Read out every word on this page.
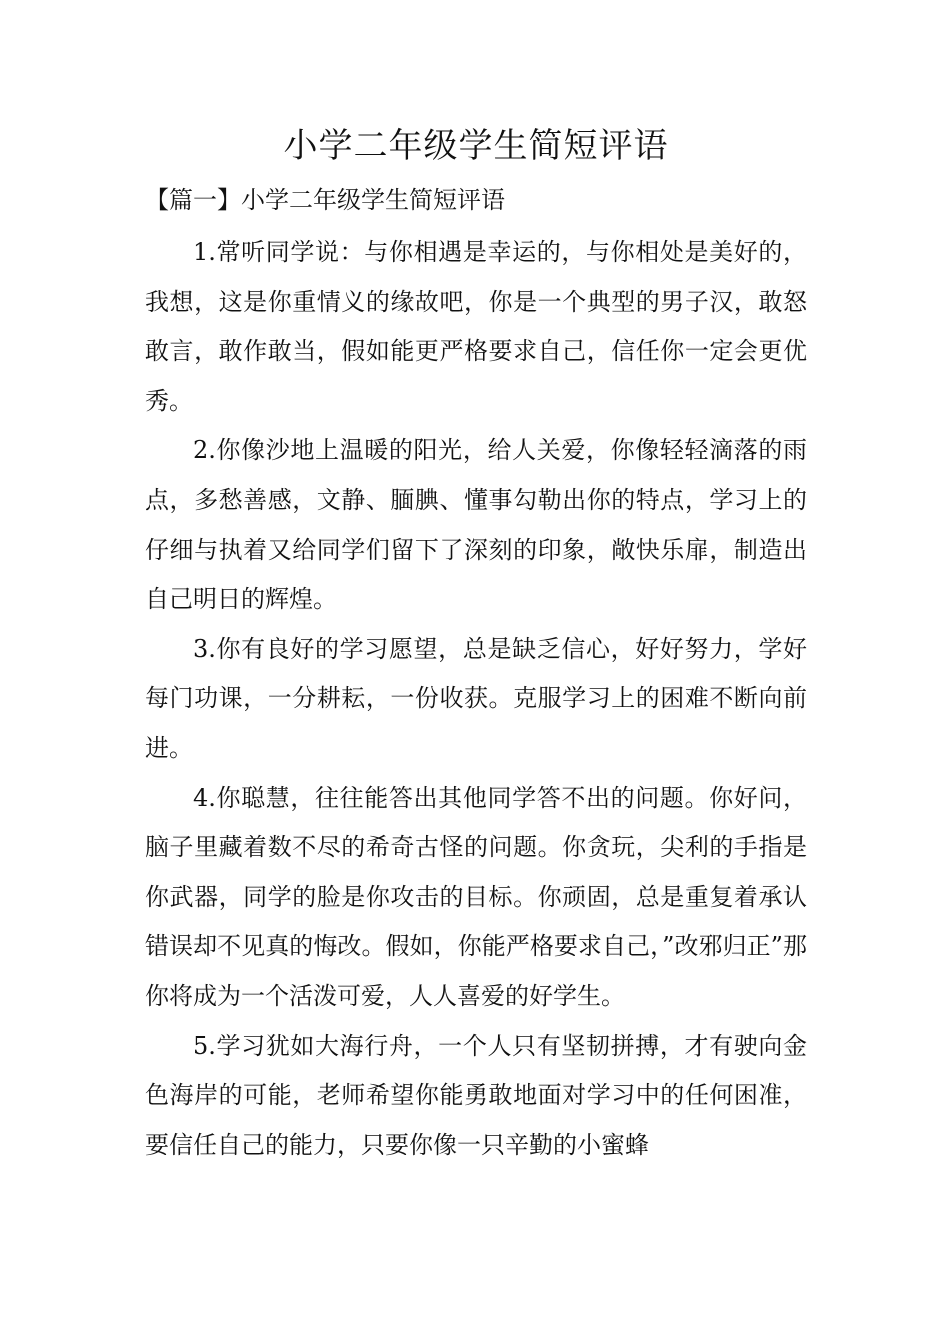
小学二年级学生简短评语
【篇一】小学二年级学生简短评语

1.常听同学说：与你相遇是幸运的，与你相处是美好的，我想，这是你重情义的缘故吧，你是一个典型的男子汉，敢怒敢言，敢作敢当，假如能更严格要求自己，信任你一定会更优秀。

2.你像沙地上温暖的阳光，给人关爱，你像轻轻滴落的雨点，多愁善感，文静、腼腆、懂事勾勒出你的特点，学习上的仔细与执着又给同学们留下了深刻的印象，敞快乐扉，制造出自己明日的辉煌。

3.你有良好的学习愿望，总是缺乏信心，好好努力，学好每门功课，一分耕耘，一份收获。克服学习上的困难不断向前进。

4.你聪慧，往往能答出其他同学答不出的问题。你好问，脑子里藏着数不尽的希奇古怪的问题。你贪玩，尖利的手指是你武器，同学的脸是你攻击的目标。你顽固，总是重复着承认错误却不见真的悔改。假如，你能严格要求自己，”改邪归正”那你将成为一个活泼可爱，人人喜爱的好学生。

5.学习犹如大海行舟，一个人只有坚韧拼搏，才有驶向金色海岸的可能，老师希望你能勇敢地面对学习中的任何困准，要信任自己的能力，只要你像一只辛勤的小蜜蜂
